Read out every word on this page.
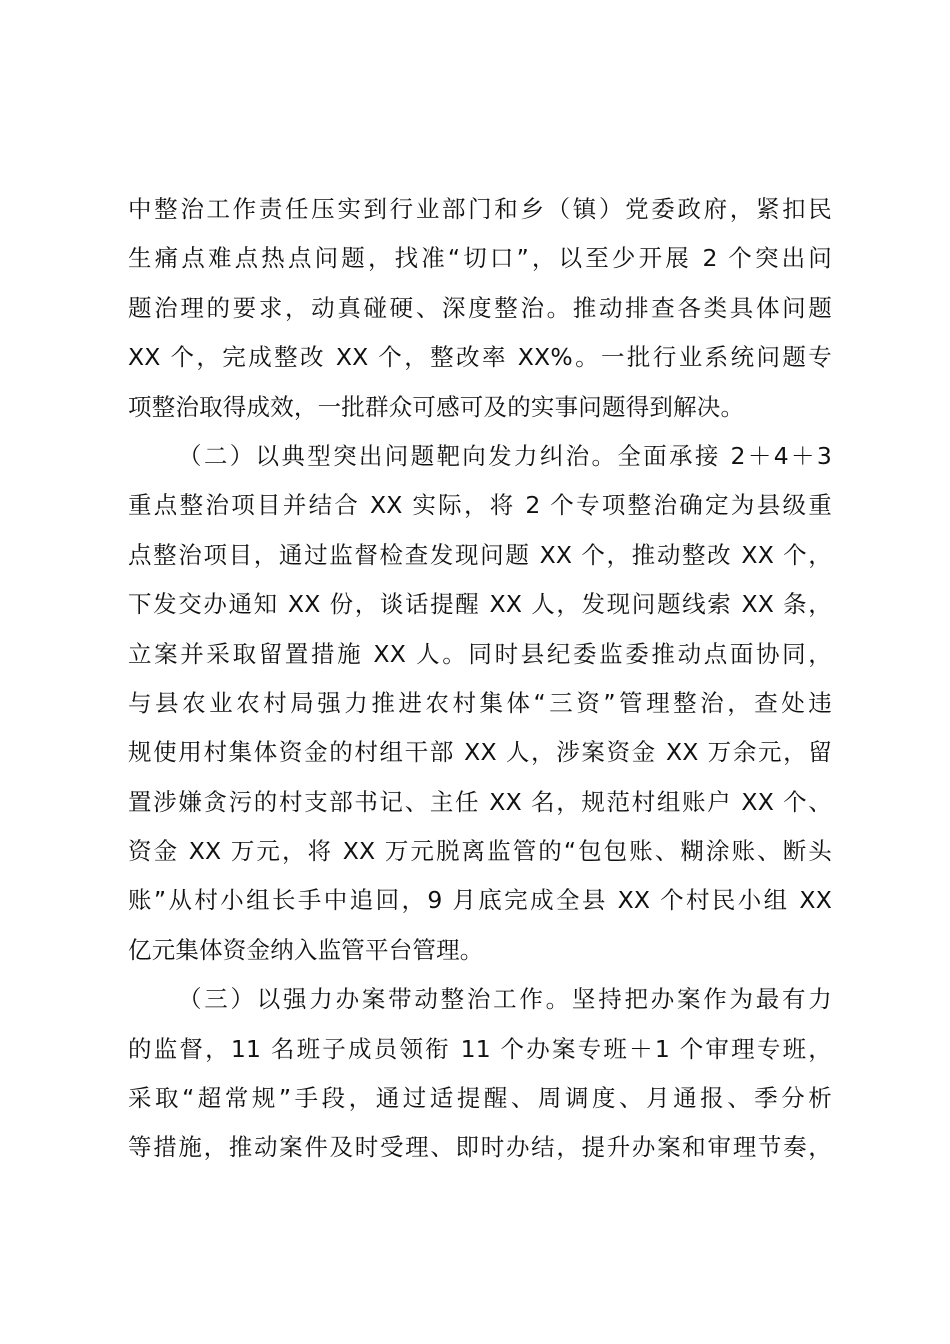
中整治工作责任压实到行业部门和乡（镇）党委政府，紧扣民
生痛点难点热点问题，找准“切口”，以至少开展 2 个突出问
题治理的要求，动真碰硬、深度整治。推动排查各类具体问题
XX 个，完成整改 XX 个，整改率 XX%。一批行业系统问题专
项整治取得成效，一批群众可感可及的实事问题得到解决。
（二）以典型突出问题靶向发力纠治。全面承接 2＋4＋3
重点整治项目并结合 XX 实际，将 2 个专项整治确定为县级重
点整治项目，通过监督检查发现问题 XX 个，推动整改 XX 个，
下发交办通知 XX 份，谈话提醒 XX 人，发现问题线索 XX 条，
立案并采取留置措施 XX 人。同时县纪委监委推动点面协同，
与县农业农村局强力推进农村集体“三资”管理整治，查处违
规使用村集体资金的村组干部 XX 人，涉案资金 XX 万余元，留
置涉嫌贪污的村支部书记、主任 XX 名，规范村组账户 XX 个、
资金 XX 万元，将 XX 万元脱离监管的“包包账、糊涂账、断头
账”从村小组长手中追回，9 月底完成全县 XX 个村民小组 XX
亿元集体资金纳入监管平台管理。
（三）以强力办案带动整治工作。坚持把办案作为最有力
的监督，11 名班子成员领衔 11 个办案专班＋1 个审理专班，
采取“超常规”手段，通过适提醒、周调度、月通报、季分析
等措施，推动案件及时受理、即时办结，提升办案和审理节奏，
